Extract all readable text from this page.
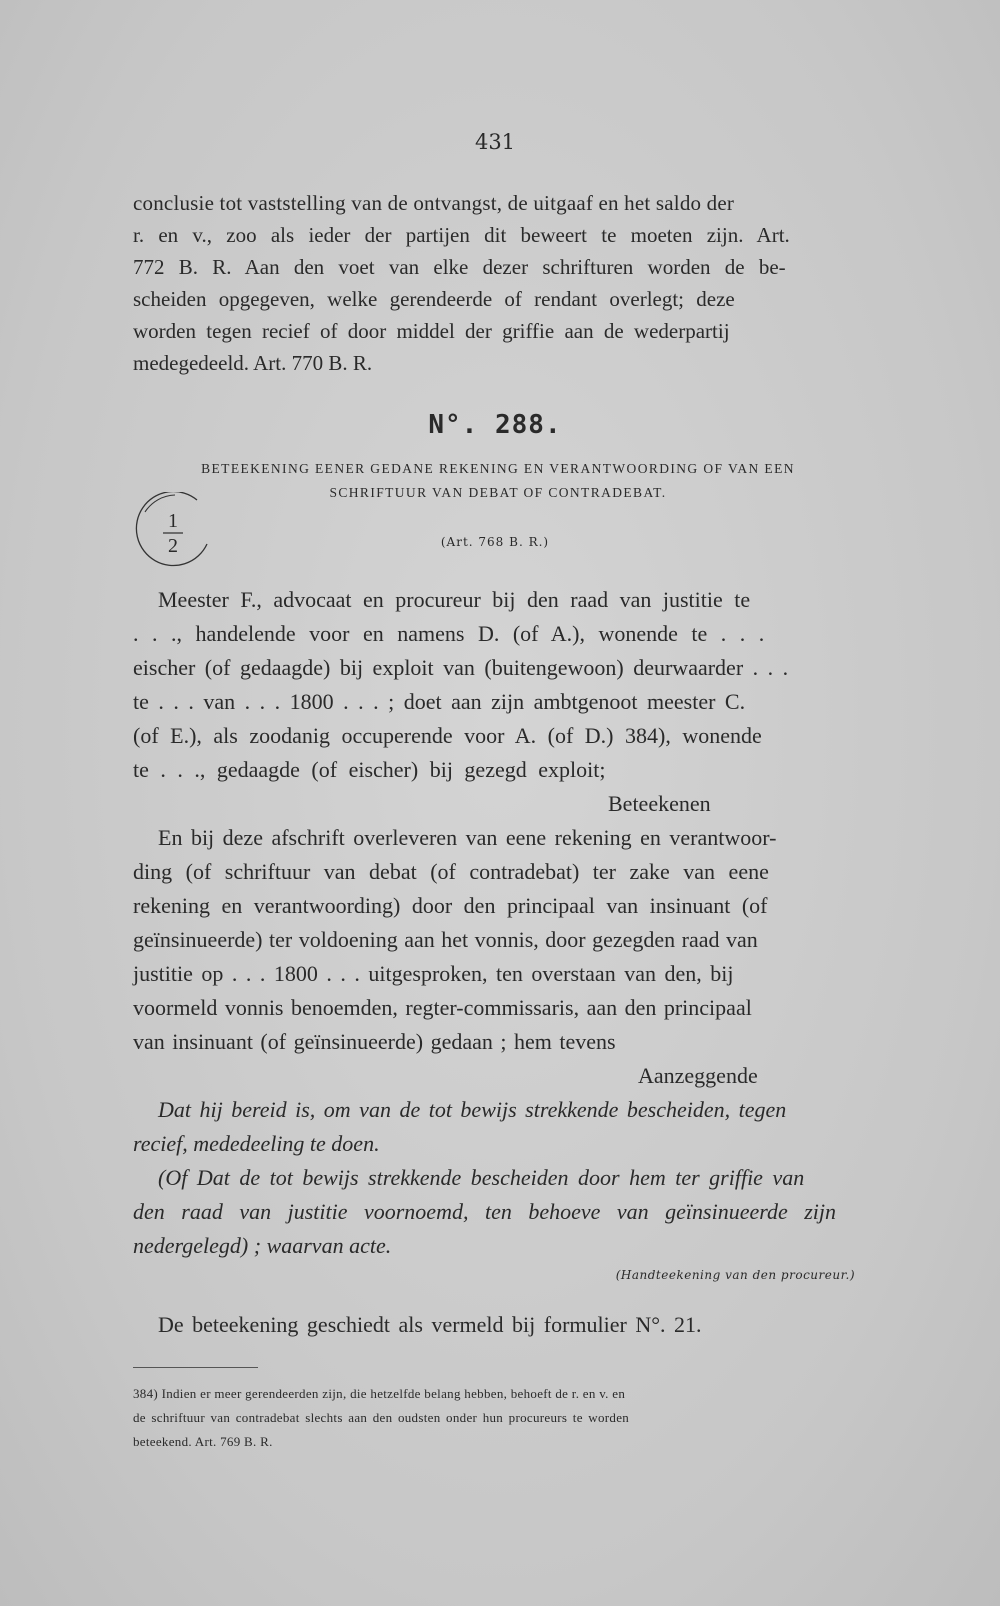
431
conclusie tot vaststelling van de ontvangst, de uitgaaf en het saldo der
r. en v., zoo als ieder der partijen dit beweert te moeten zijn. Art.
772 B. R. Aan den voet van elke dezer schrifturen worden de be-
scheiden opgegeven, welke gerendeerde of rendant overlegt; deze
worden tegen recief of door middel der griffie aan de wederpartij
medegedeeld. Art. 770 B. R.
N°. 288.
BETEEKENING EENER GEDANE REKENING EN VERANTWOORDING OF VAN EEN
SCHRIFTUUR VAN DEBAT OF CONTRADEBAT.
1
2	(Art. 768 B. R.)
Meester F., advocaat en procureur bij den raad van justitie te
. . ., handelende voor en namens D. (of A.), wonende te . . .
eischer (of gedaagde) bij exploit van (buitengewoon) deurwaarder . . .
te . . . van . . . 1800 . . . ; doet aan zijn ambtgenoot meester C.
(of E.), als zoodanig occuperende voor A. (of D.) 384), wonende
te . . ., gedaagde (of eischer) bij gezegd exploit;
Beteekenen
En bij deze afschrift overleveren van eene rekening en verantwoor-
ding (of schriftuur van debat (of contradebat) ter zake van eene
rekening en verantwoording) door den principaal van insinuant (of
geïnsinueerde) ter voldoening aan het vonnis, door gezegden raad van
justitie op . . . 1800 . . . uitgesproken, ten overstaan van den, bij
voormeld vonnis benoemden, regter-commissaris, aan den principaal
van insinuant (of geïnsinueerde) gedaan ; hem tevens
Aanzeggende
Dat hij bereid is, om van de tot bewijs strekkende bescheiden, tegen
recief, mededeeling te doen.
(Of Dat de tot bewijs strekkende bescheiden door hem ter griffie van
den raad van justitie voornoemd, ten behoeve van geïnsinueerde zijn
nedergelegd) ; waarvan acte.
(Handteekening van den procureur.)
De beteekening geschiedt als vermeld bij formulier N°. 21.
384) Indien er meer gerendeerden zijn, die hetzelfde belang hebben, behoeft de r. en v. en
de schriftuur van contradebat slechts aan den oudsten onder hun procureurs te worden
beteekend. Art. 769 B. R.
